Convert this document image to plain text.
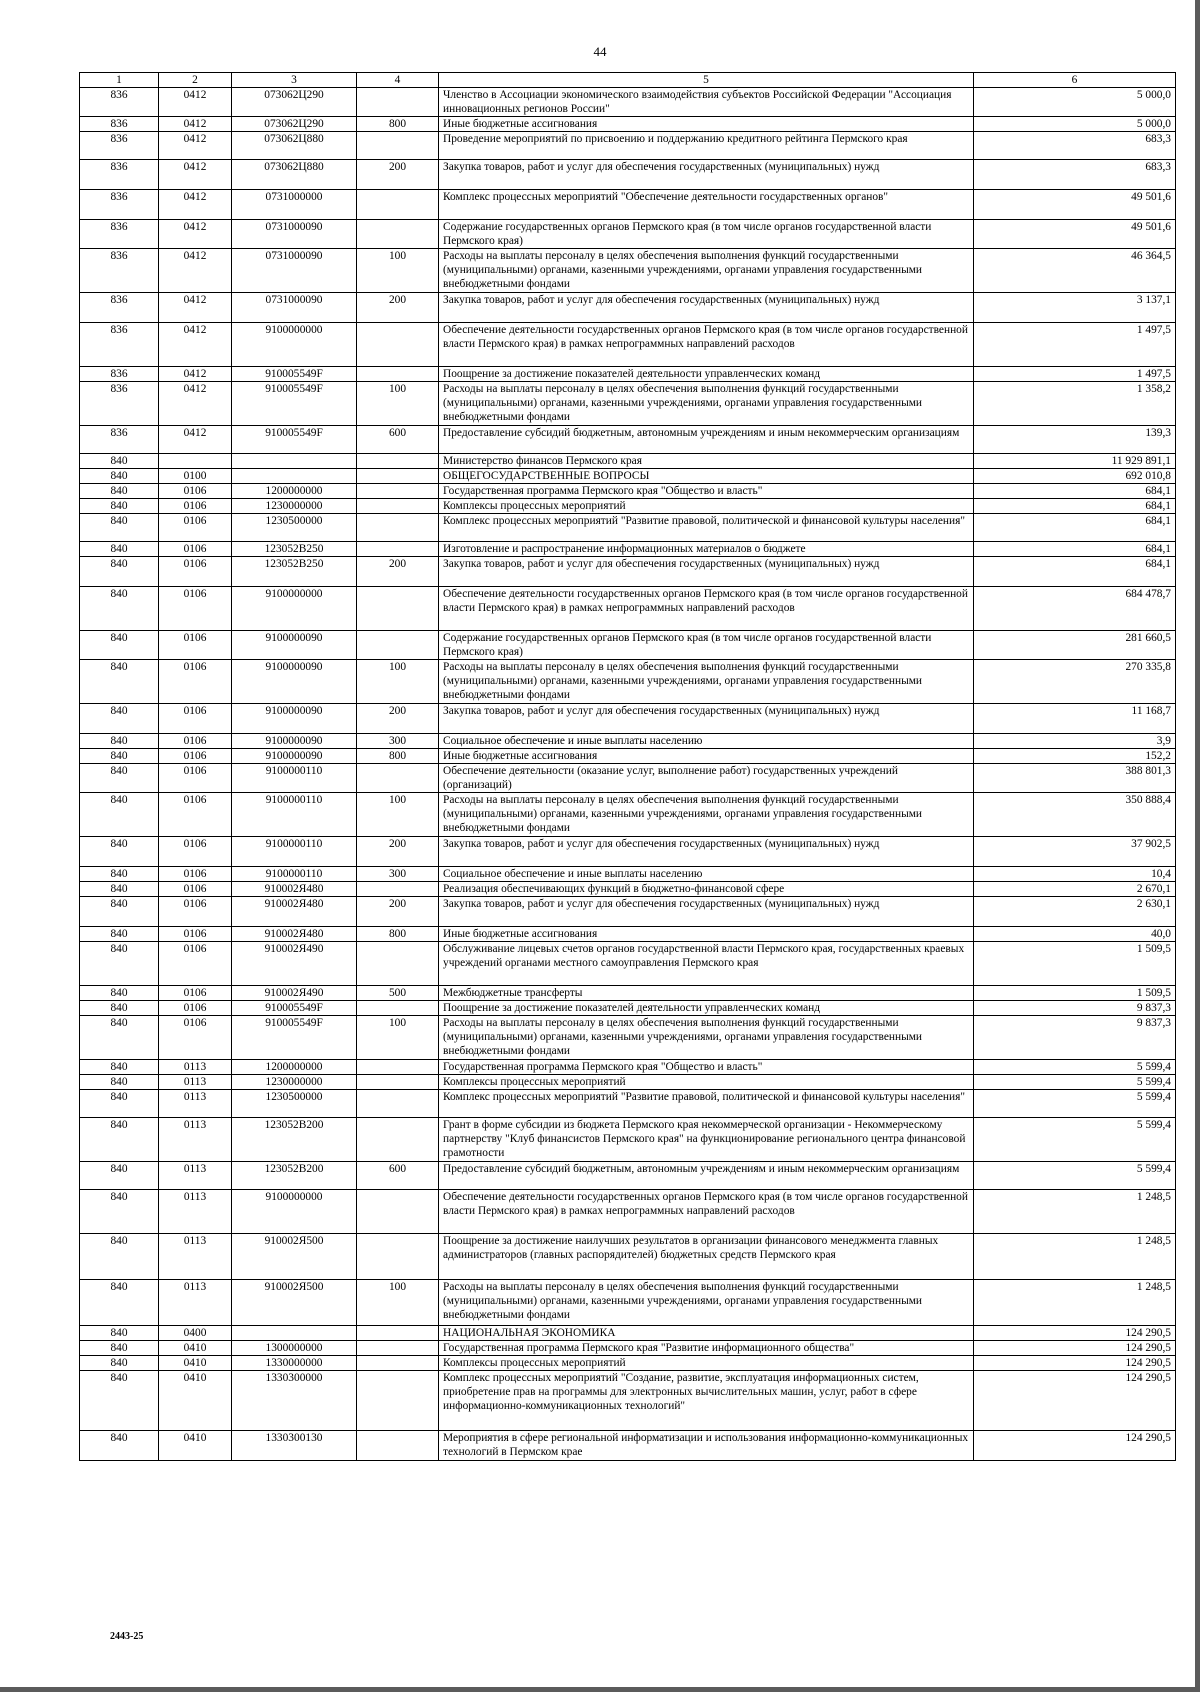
44
1	2	3	4	5	6
836	0412	073062Ц290		Членство в Ассоциации экономического взаимодействия субъектов Российской Федерации "Ассоциация инновационных регионов России"	5 000,0
836	0412	073062Ц290	800	Иные бюджетные ассигнования	5 000,0
836	0412	073062Ц880		Проведение мероприятий по присвоению и поддержанию кредитного рейтинга Пермского края	683,3
836	0412	073062Ц880	200	Закупка товаров, работ и услуг для обеспечения государственных (муниципальных) нужд	683,3
836	0412	0731000000		Комплекс процессных мероприятий "Обеспечение деятельности государственных органов"	49 501,6
836	0412	0731000090		Содержание государственных органов Пермского края (в том числе органов государственной власти Пермского края)	49 501,6
836	0412	0731000090	100	Расходы на выплаты персоналу в целях обеспечения выполнения функций государственными (муниципальными) органами, казенными учреждениями, органами управления государственными внебюджетными фондами	46 364,5
836	0412	0731000090	200	Закупка товаров, работ и услуг для обеспечения государственных (муниципальных) нужд	3 137,1
836	0412	9100000000		Обеспечение деятельности государственных органов Пермского края (в том числе органов государственной власти Пермского края) в рамках непрограммных направлений расходов	1 497,5
836	0412	910005549F		Поощрение за достижение показателей деятельности управленческих команд	1 497,5
836	0412	910005549F	100	Расходы на выплаты персоналу в целях обеспечения выполнения функций государственными (муниципальными) органами, казенными учреждениями, органами управления государственными внебюджетными фондами	1 358,2
836	0412	910005549F	600	Предоставление субсидий бюджетным, автономным учреждениям и иным некоммерческим организациям	139,3
840				Министерство финансов Пермского края	11 929 891,1
840	0100			ОБЩЕГОСУДАРСТВЕННЫЕ ВОПРОСЫ	692 010,8
840	0106	1200000000		Государственная программа Пермского края "Общество и власть"	684,1
840	0106	1230000000		Комплексы процессных мероприятий	684,1
840	0106	1230500000		Комплекс процессных мероприятий "Развитие правовой, политической и финансовой культуры населения"	684,1
840	0106	123052B250		Изготовление и распространение информационных материалов о бюджете	684,1
840	0106	123052B250	200	Закупка товаров, работ и услуг для обеспечения государственных (муниципальных) нужд	684,1
840	0106	9100000000		Обеспечение деятельности государственных органов Пермского края (в том числе органов государственной власти Пермского края) в рамках непрограммных направлений расходов	684 478,7
840	0106	9100000090		Содержание государственных органов Пермского края (в том числе органов государственной власти Пермского края)	281 660,5
840	0106	9100000090	100	Расходы на выплаты персоналу в целях обеспечения выполнения функций государственными (муниципальными) органами, казенными учреждениями, органами управления государственными внебюджетными фондами	270 335,8
840	0106	9100000090	200	Закупка товаров, работ и услуг для обеспечения государственных (муниципальных) нужд	11 168,7
840	0106	9100000090	300	Социальное обеспечение и иные выплаты населению	3,9
840	0106	9100000090	800	Иные бюджетные ассигнования	152,2
840	0106	9100000110		Обеспечение деятельности (оказание услуг, выполнение работ) государственных учреждений (организаций)	388 801,3
840	0106	9100000110	100	Расходы на выплаты персоналу в целях обеспечения выполнения функций государственными (муниципальными) органами, казенными учреждениями, органами управления государственными внебюджетными фондами	350 888,4
840	0106	9100000110	200	Закупка товаров, работ и услуг для обеспечения государственных (муниципальных) нужд	37 902,5
840	0106	9100000110	300	Социальное обеспечение и иные выплаты населению	10,4
840	0106	910002Я480		Реализация обеспечивающих функций в бюджетно-финансовой сфере	2 670,1
840	0106	910002Я480	200	Закупка товаров, работ и услуг для обеспечения государственных (муниципальных) нужд	2 630,1
840	0106	910002Я480	800	Иные бюджетные ассигнования	40,0
840	0106	910002Я490		Обслуживание лицевых счетов органов государственной власти Пермского края, государственных краевых учреждений органами местного самоуправления Пермского края	1 509,5
840	0106	910002Я490	500	Межбюджетные трансферты	1 509,5
840	0106	910005549F		Поощрение за достижение показателей деятельности управленческих команд	9 837,3
840	0106	910005549F	100	Расходы на выплаты персоналу в целях обеспечения выполнения функций государственными (муниципальными) органами, казенными учреждениями, органами управления государственными внебюджетными фондами	9 837,3
840	0113	1200000000		Государственная программа Пермского края "Общество и власть"	5 599,4
840	0113	1230000000		Комплексы процессных мероприятий	5 599,4
840	0113	1230500000		Комплекс процессных мероприятий "Развитие правовой, политической и финансовой культуры населения"	5 599,4
840	0113	123052B200		Грант в форме субсидии из бюджета Пермского края некоммерческой организации - Некоммерческому партнерству "Клуб финансистов Пермского края" на функционирование регионального центра финансовой грамотности	5 599,4
840	0113	123052B200	600	Предоставление субсидий бюджетным, автономным учреждениям и иным некоммерческим организациям	5 599,4
840	0113	9100000000		Обеспечение деятельности государственных органов Пермского края (в том числе органов государственной власти Пермского края) в рамках непрограммных направлений расходов	1 248,5
840	0113	910002Я500		Поощрение за достижение наилучших результатов в организации финансового менеджмента главных администраторов (главных распорядителей) бюджетных средств Пермского края	1 248,5
840	0113	910002Я500	100	Расходы на выплаты персоналу в целях обеспечения выполнения функций государственными (муниципальными) органами, казенными учреждениями, органами управления государственными внебюджетными фондами	1 248,5
840	0400			НАЦИОНАЛЬНАЯ ЭКОНОМИКА	124 290,5
840	0410	1300000000		Государственная программа Пермского края "Развитие информационного общества"	124 290,5
840	0410	1330000000		Комплексы процессных мероприятий	124 290,5
840	0410	1330300000		Комплекс процессных мероприятий "Создание, развитие, эксплуатация информационных систем, приобретение прав на программы для электронных вычислительных машин, услуг, работ в сфере информационно-коммуникационных технологий"	124 290,5
840	0410	1330300130		Мероприятия в сфере региональной информатизации и использования информационно-коммуникационных технологий в Пермском крае	124 290,5
2443-25
